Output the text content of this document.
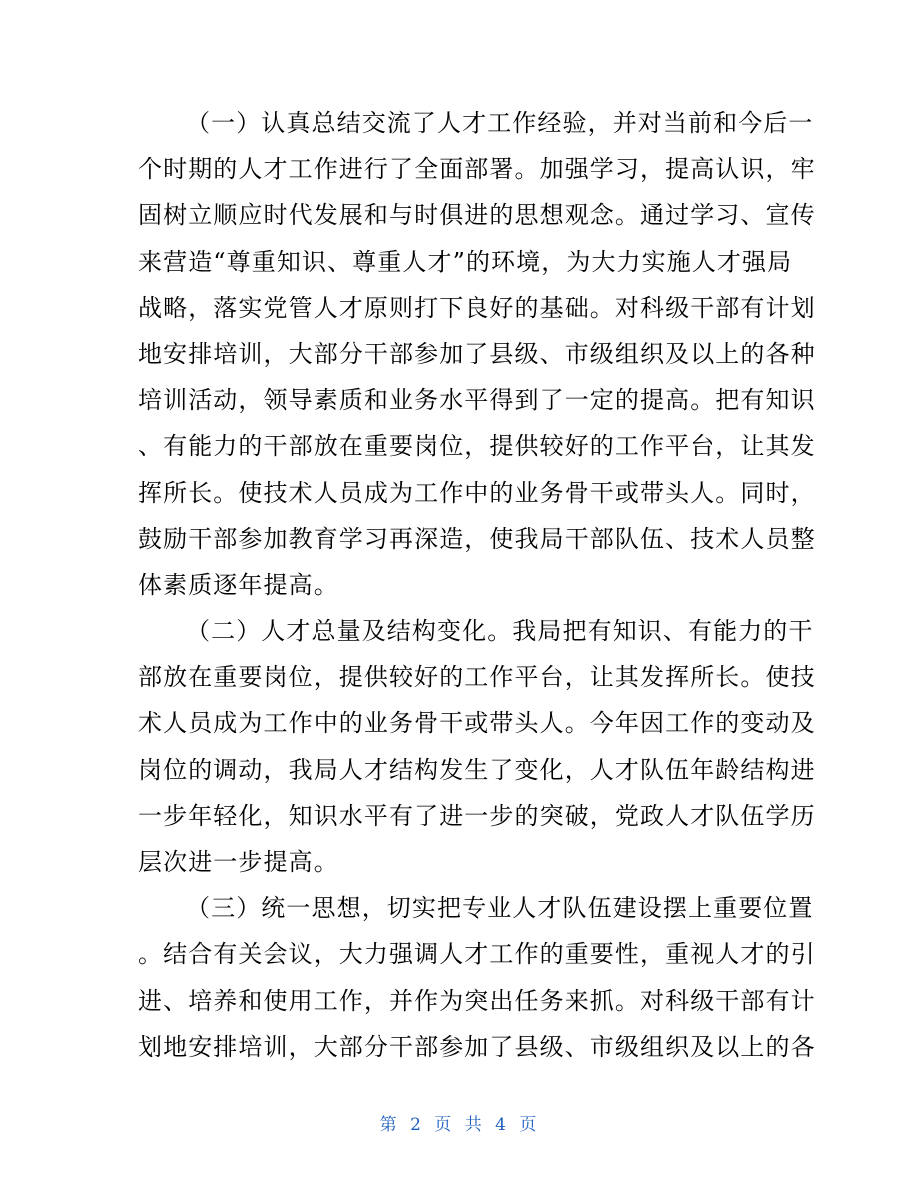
（一）认真总结交流了人才工作经验，并对当前和今后一
个时期的人才工作进行了全面部署。加强学习，提高认识，牢
固树立顺应时代发展和与时俱进的思想观念。通过学习、宣传
来营造“尊重知识、尊重人才”的环境，为大力实施人才强局
战略，落实党管人才原则打下良好的基础。对科级干部有计划
地安排培训，大部分干部参加了县级、市级组织及以上的各种
培训活动，领导素质和业务水平得到了一定的提高。把有知识
、有能力的干部放在重要岗位，提供较好的工作平台，让其发
挥所长。使技术人员成为工作中的业务骨干或带头人。同时，
鼓励干部参加教育学习再深造，使我局干部队伍、技术人员整
体素质逐年提高。
（二）人才总量及结构变化。我局把有知识、有能力的干
部放在重要岗位，提供较好的工作平台，让其发挥所长。使技
术人员成为工作中的业务骨干或带头人。今年因工作的变动及
岗位的调动，我局人才结构发生了变化，人才队伍年龄结构进
一步年轻化，知识水平有了进一步的突破，党政人才队伍学历
层次进一步提高。
（三）统一思想，切实把专业人才队伍建设摆上重要位置
。结合有关会议，大力强调人才工作的重要性，重视人才的引
进、培养和使用工作，并作为突出任务来抓。对科级干部有计
划地安排培训，大部分干部参加了县级、市级组织及以上的各
第 2 页 共 4 页
